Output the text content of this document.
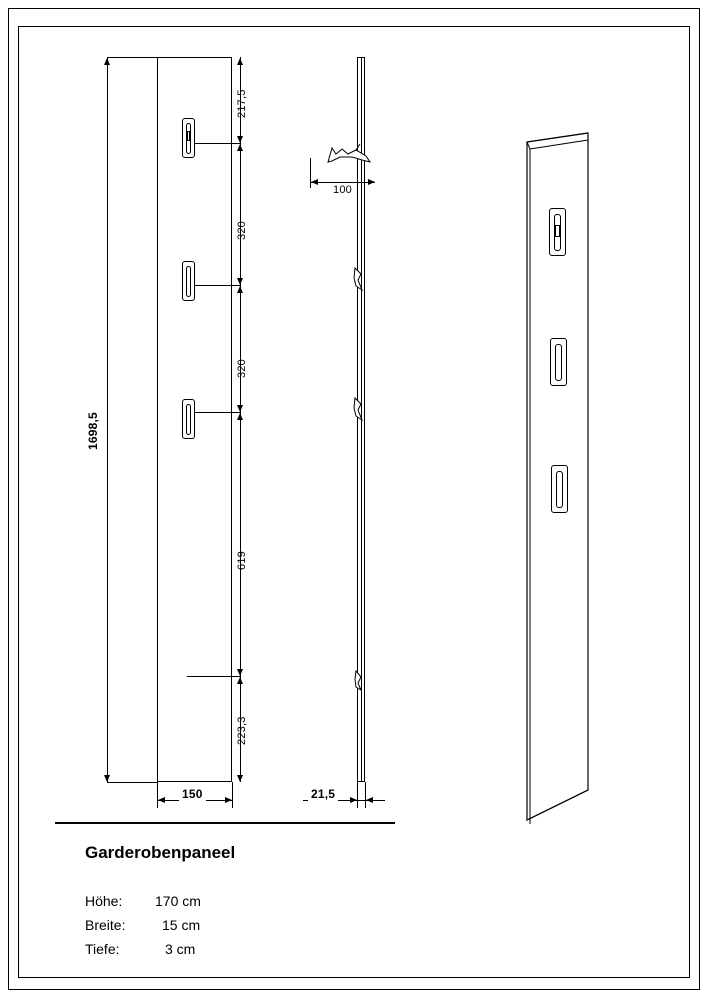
1698,5
217,5
320
320
619
223,3
150
100
21,5
Garderobenpaneel
Höhe: 170 cm
Breite:	15 cm
Tiefe:	3 cm
